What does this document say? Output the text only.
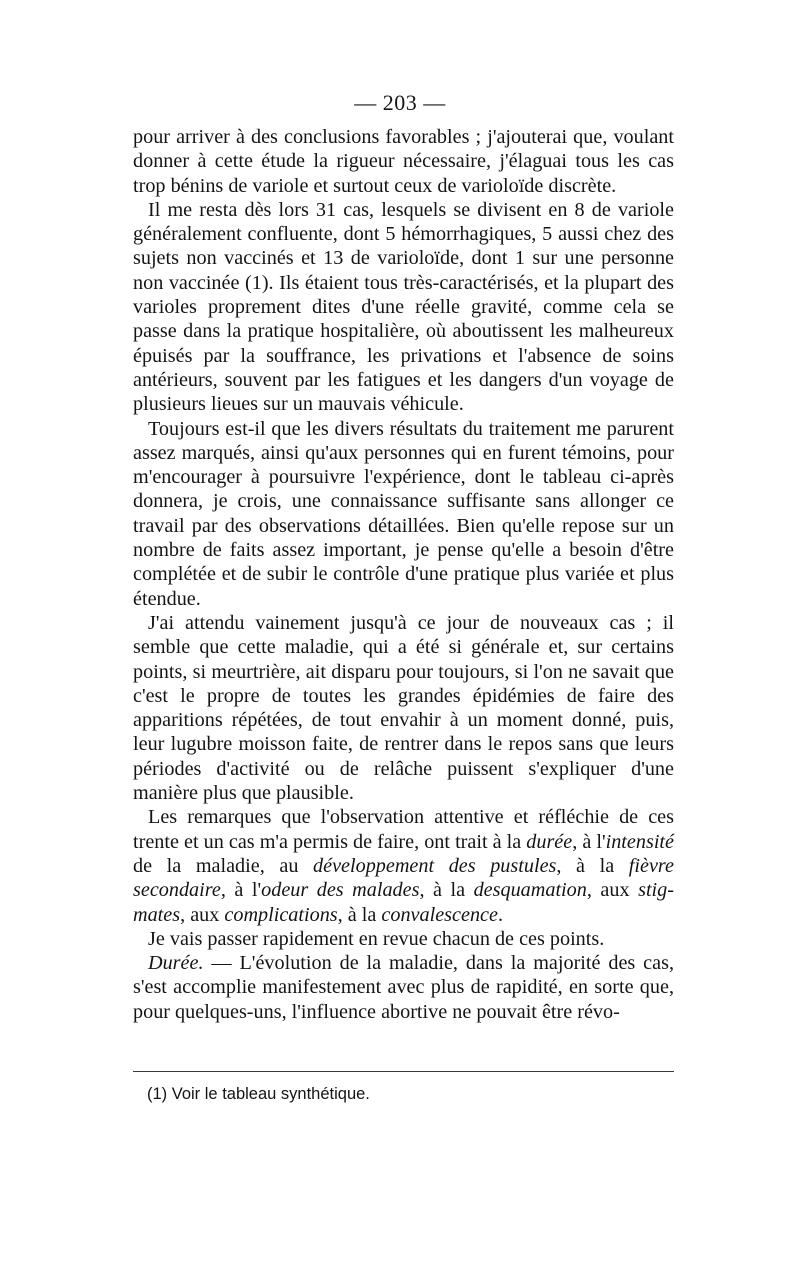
— 203 —

pour arriver à des conclusions favorables ; j'ajouterai que, voulant donner à cette étude la rigueur nécessaire, j'élaguai tous les cas trop bénins de variole et surtout ceux de varioloïde discrète.

Il me resta dès lors 31 cas, lesquels se divisent en 8 de variole généralement confluente, dont 5 hémorrhagiques, 5 aussi chez des sujets non vaccinés et 13 de varioloïde, dont 1 sur une personne non vaccinée (1). Ils étaient tous très-caractérisés, et la plupart des varioles proprement dites d'une réelle gravité, comme cela se passe dans la pratique hospitalière, où aboutissent les malheureux épuisés par la souffrance, les privations et l'absence de soins antérieurs, souvent par les fatigues et les dangers d'un voyage de plusieurs lieues sur un mauvais véhicule.

Toujours est-il que les divers résultats du traitement me parurent assez marqués, ainsi qu'aux personnes qui en furent témoins, pour m'encourager à poursuivre l'expérience, dont le tableau ci-après donnera, je crois, une connaissance suffisante sans allonger ce travail par des observations détaillées. Bien qu'elle repose sur un nombre de faits assez important, je pense qu'elle a besoin d'être complétée et de subir le contrôle d'une pratique plus variée et plus étendue.

J'ai attendu vainement jusqu'à ce jour de nouveaux cas ; il semble que cette maladie, qui a été si générale et, sur certains points, si meurtrière, ait disparu pour toujours, si l'on ne savait que c'est le propre de toutes les grandes épidémies de faire des apparitions répétées, de tout envahir à un moment donné, puis, leur lugubre moisson faite, de rentrer dans le repos sans que leurs périodes d'activité ou de relâche puissent s'expliquer d'une manière plus que plausible.

Les remarques que l'observation attentive et réfléchie de ces trente et un cas m'a permis de faire, ont trait à la durée, à l'intensité de la maladie, au développement des pustules, à la fièvre secondaire, à l'odeur des malades, à la desquamation, aux stigmates, aux complications, à la convalescence.

Je vais passer rapidement en revue chacun de ces points.

Durée. — L'évolution de la maladie, dans la majorité des cas, s'est accomplie manifestement avec plus de rapidité, en sorte que, pour quelques-uns, l'influence abortive ne pouvait être révo-

(1) Voir le tableau synthétique.
